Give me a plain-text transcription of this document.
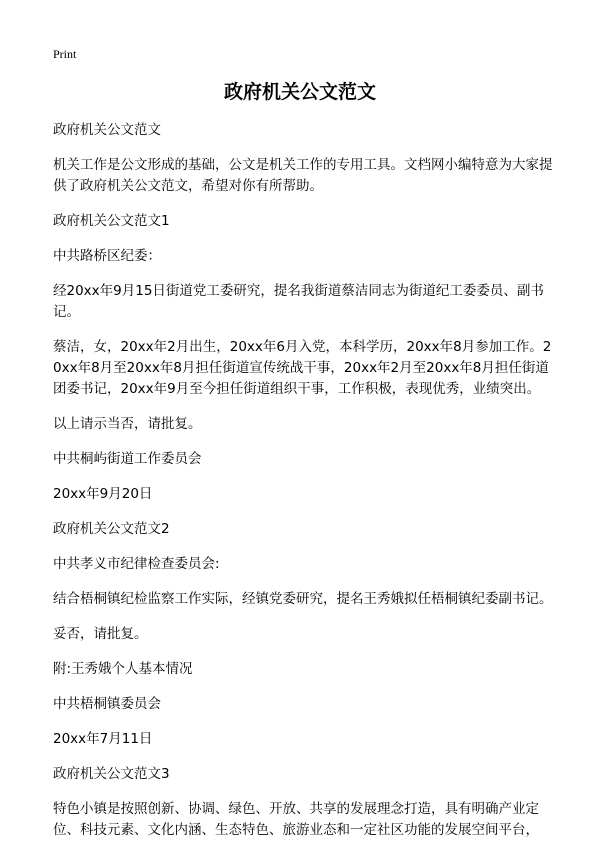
Print
政府机关公文范文

政府机关公文范文

机关工作是公文形成的基础，公文是机关工作的专用工具。文档网小编特意为大家提供了政府机关公文范文，希望对你有所帮助。

政府机关公文范文1

中共路桥区纪委：

经20xx年9月15日街道党工委研究，提名我街道蔡洁同志为街道纪工委委员、副书记。

蔡洁，女，20xx年2月出生，20xx年6月入党，本科学历，20xx年8月参加工作。20xx年8月至20xx年8月担任街道宣传统战干事，20xx年2月至20xx年8月担任街道团委书记，20xx年9月至今担任街道组织干事，工作积极，表现优秀，业绩突出。

以上请示当否，请批复。

中共桐屿街道工作委员会

20xx年9月20日

政府机关公文范文2

中共孝义市纪律检查委员会:

结合梧桐镇纪检监察工作实际，经镇党委研究，提名王秀娥拟任梧桐镇纪委副书记。

妥否，请批复。

附:王秀娥个人基本情况

中共梧桐镇委员会

20xx年7月11日

政府机关公文范文3

特色小镇是按照创新、协调、绿色、开放、共享的发展理念打造，具有明确产业定位、科技元素、文化内涵、生态特色、旅游业态和一定社区功能的发展空间平台，
